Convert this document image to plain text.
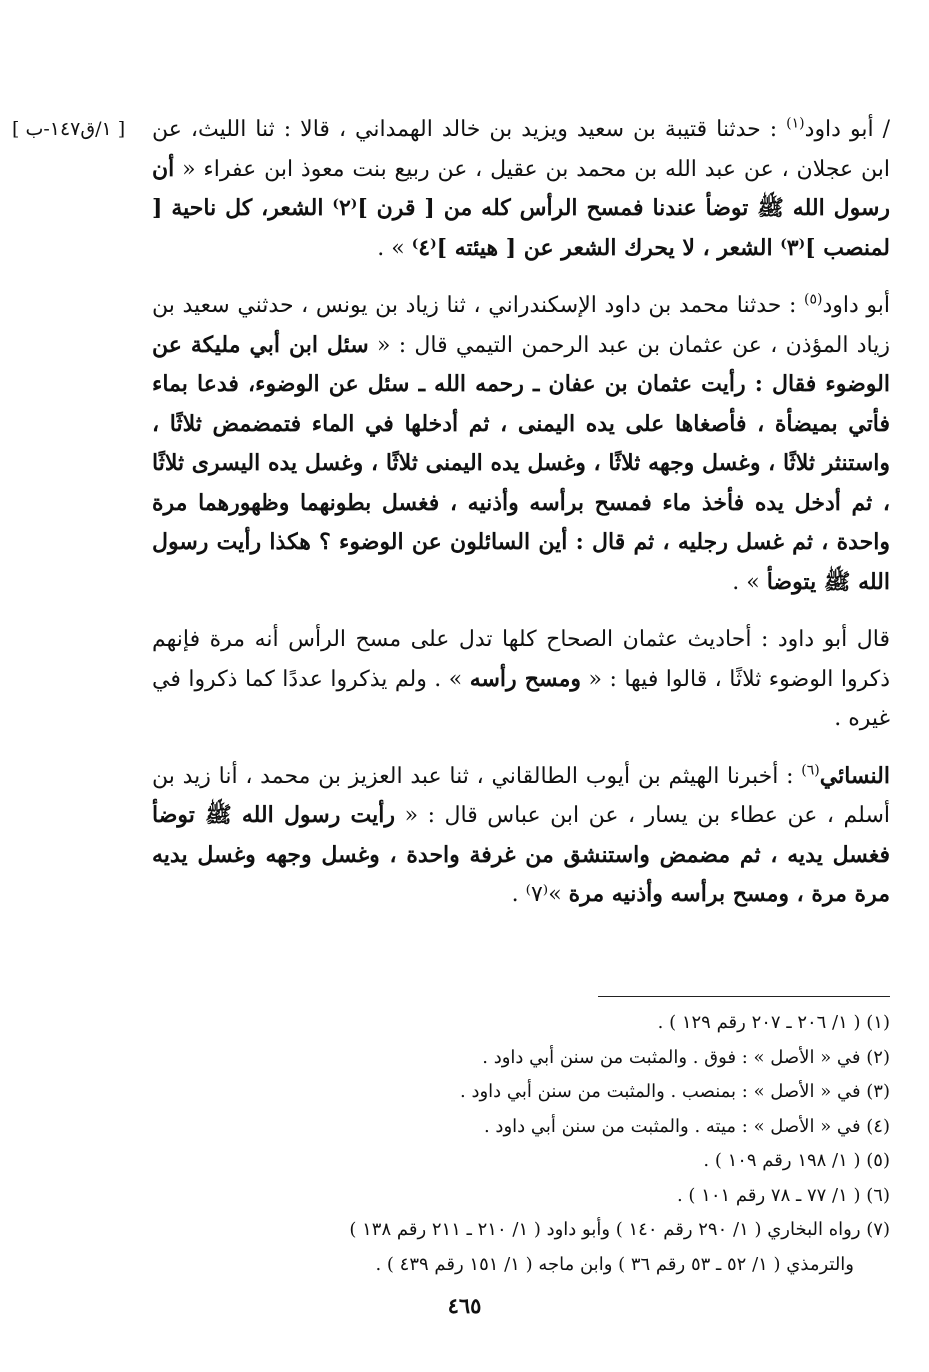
[ ١/ق١٤٧-ب ]	/ أبو داود$^{(١)}$ : حدثنا قتيبة بن سعيد ويزيد بن خالد الهمداني ، قالا : ثنا الليث، عن ابن عجلان ، عن عبد الله بن محمد بن عقيل ، عن ربيع بنت معوذ ابن عفراء « أن رسول الله ﷺ توضأ عندنا فمسح الرأس كله من [ قرن ]⁽٢⁾ الشعر، كل ناحية [ لمنصب ]⁽٣⁾ الشعر ، لا يحرك الشعر عن [ هيئته ]⁽٤⁾ » .

أبو داود$^{(٥)}$ : حدثنا محمد بن داود الإسكندراني ، ثنا زياد بن يونس ، حدثني سعيد بن زياد المؤذن ، عن عثمان بن عبد الرحمن التيمي قال : « سئل ابن أبي مليكة عن الوضوء فقال : رأيت عثمان بن عفان ـ رحمه الله ـ سئل عن الوضوء، فدعا بماء فأتي بميضأة ، فأصغاها على يده اليمنى ، ثم أدخلها في الماء فتمضمض ثلاثًا ، واستنثر ثلاثًا ، وغسل وجهه ثلاثًا ، وغسل يده اليمنى ثلاثًا ، وغسل يده اليسرى ثلاثًا ، ثم أدخل يده فأخذ ماء فمسح برأسه وأذنيه ، فغسل بطونهما وظهورهما مرة واحدة ، ثم غسل رجليه ، ثم قال : أين السائلون عن الوضوء ؟ هكذا رأيت رسول الله ﷺ يتوضأ » .

قال أبو داود : أحاديث عثمان الصحاح كلها تدل على مسح الرأس أنه مرة فإنهم ذكروا الوضوء ثلاثًا ، قالوا فيها : « ومسح رأسه » . ولم يذكروا عددًا كما ذكروا في غيره .

النسائي$^{(٦)}$ : أخبرنا الهيثم بن أيوب الطالقاني ، ثنا عبد العزيز بن محمد ، أنا زيد بن أسلم ، عن عطاء بن يسار ، عن ابن عباس قال : « رأيت رسول الله ﷺ توضأ فغسل يديه ، ثم مضمض واستنشق من غرفة واحدة ، وغسل وجهه وغسل يديه مرة مرة ، ومسح برأسه وأذنيه مرة »⁽٧⁾ .

(١) ( ١/ ٢٠٦ ـ ٢٠٧ رقم ١٢٩ ) .

(٢) في « الأصل » : فوق . والمثبت من سنن أبي داود .

(٣) في « الأصل » : بمنصب . والمثبت من سنن أبي داود .

(٤) في « الأصل » : ميته . والمثبت من سنن أبي داود .

(٥) ( ١/ ١٩٨ رقم ١٠٩ ) .

(٦) ( ١/ ٧٧ ـ ٧٨ رقم ١٠١ ) .

(٧) رواه البخاري ( ١/ ٢٩٠ رقم ١٤٠ ) وأبو داود ( ١/ ٢١٠ ـ ٢١١ رقم ١٣٨ )

والترمذي ( ١/ ٥٢ ـ ٥٣ رقم ٣٦ ) وابن ماجه ( ١/ ١٥١ رقم ٤٣٩ ) .

٤٦٥
